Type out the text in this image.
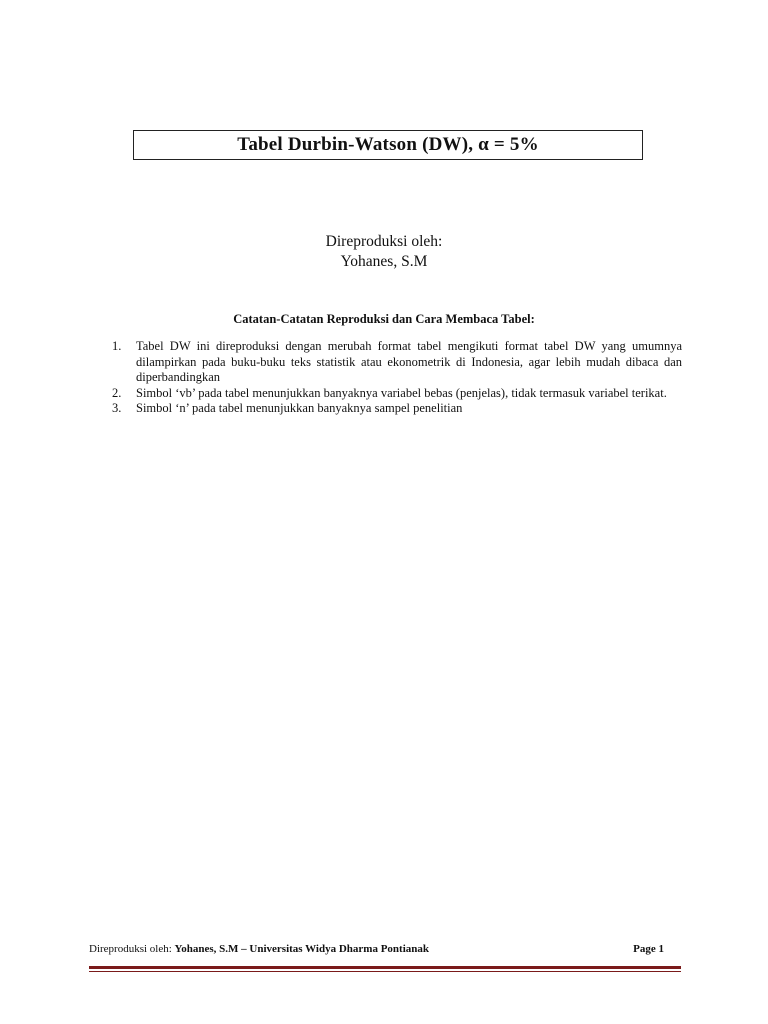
Tabel Durbin-Watson (DW), α = 5%
Direproduksi oleh:
Yohanes, S.M
Catatan-Catatan Reproduksi dan Cara Membaca Tabel:
1.	Tabel DW ini direproduksi dengan merubah format tabel mengikuti format tabel DW yang umumnya dilampirkan pada buku-buku teks statistik atau ekonometrik di Indonesia, agar lebih mudah dibaca dan diperbandingkan
2.	Simbol ‘vb’ pada tabel menunjukkan banyaknya variabel bebas (penjelas), tidak termasuk variabel terikat.
3.	Simbol ‘n’ pada tabel menunjukkan banyaknya sampel penelitian
Direproduksi oleh: Yohanes, S.M – Universitas Widya Dharma Pontianak	Page 1
